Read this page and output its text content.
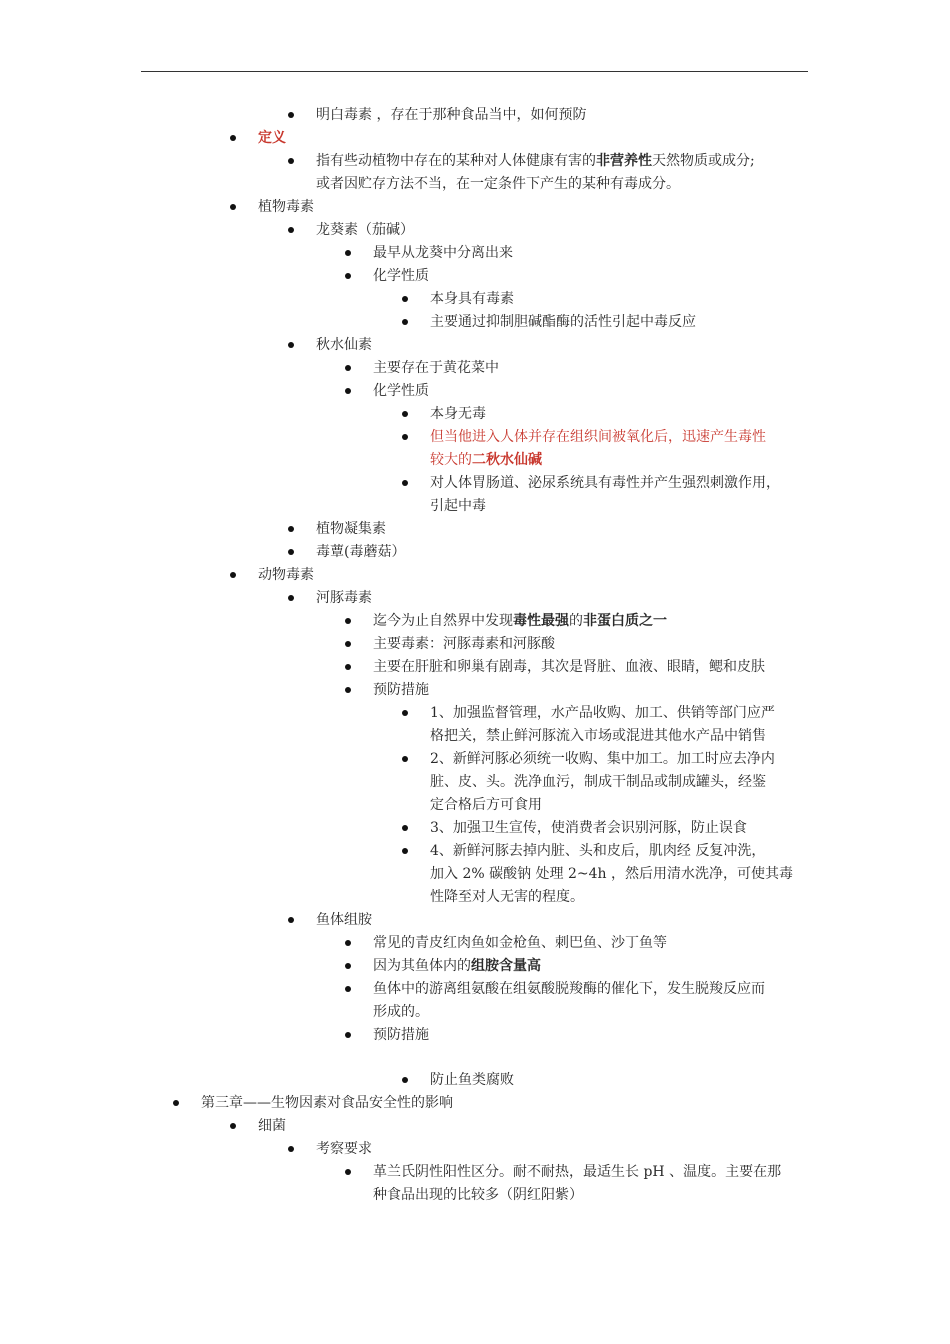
明白毒素 ，存在于那种食品当中，如何预防
定义
指有些动植物中存在的某种对人体健康有害的非营养性天然物质或成分;
或者因贮存方法不当，在一定条件下产生的某种有毒成分。
植物毒素
龙葵素（茄碱）
最早从龙葵中分离出来
化学性质
本身具有毒素
主要通过抑制胆碱酯酶的活性引起中毒反应
秋水仙素
主要存在于黄花菜中
化学性质
本身无毒
但当他进入人体并存在组织间被氧化后，迅速产生毒性
较大的二秋水仙碱
对人体胃肠道、泌尿系统具有毒性并产生强烈刺激作用，
引起中毒
植物凝集素
毒蕈(毒蘑菇）
动物毒素
河豚毒素
迄今为止自然界中发现毒性最强的非蛋白质之一
主要毒素：河豚毒素和河豚酸
主要在肝脏和卵巢有剧毒，其次是肾脏、血液、眼睛，鳃和皮肤
预防措施
1、加强监督管理，水产品收购、加工、供销等部门应严
格把关，禁止鲜河豚流入市场或混进其他水产品中销售
2、新鲜河豚必须统一收购、集中加工。加工时应去净内
脏、皮、头。洗净血污，制成干制品或制成罐头，经鉴
定合格后方可食用
3、加强卫生宣传，使消费者会识别河豚，防止误食
4、新鲜河豚去掉内脏、头和皮后，肌肉经 反复冲洗，
加入 2% 碳酸钠 处理 2~4h ，然后用清水洗净，可使其毒
性降至对人无害的程度。
鱼体组胺
常见的青皮红肉鱼如金枪鱼、刺巴鱼、沙丁鱼等
因为其鱼体内的组胺含量高
鱼体中的游离组氨酸在组氨酸脱羧酶的催化下，发生脱羧反应而
形成的。
预防措施
防止鱼类腐败
第三章——生物因素对食品安全性的影响
细菌
考察要求
革兰氏阴性阳性区分。耐不耐热，最适生长 pH 、温度。主要在那
种食品出现的比较多（阴红阳紫）
